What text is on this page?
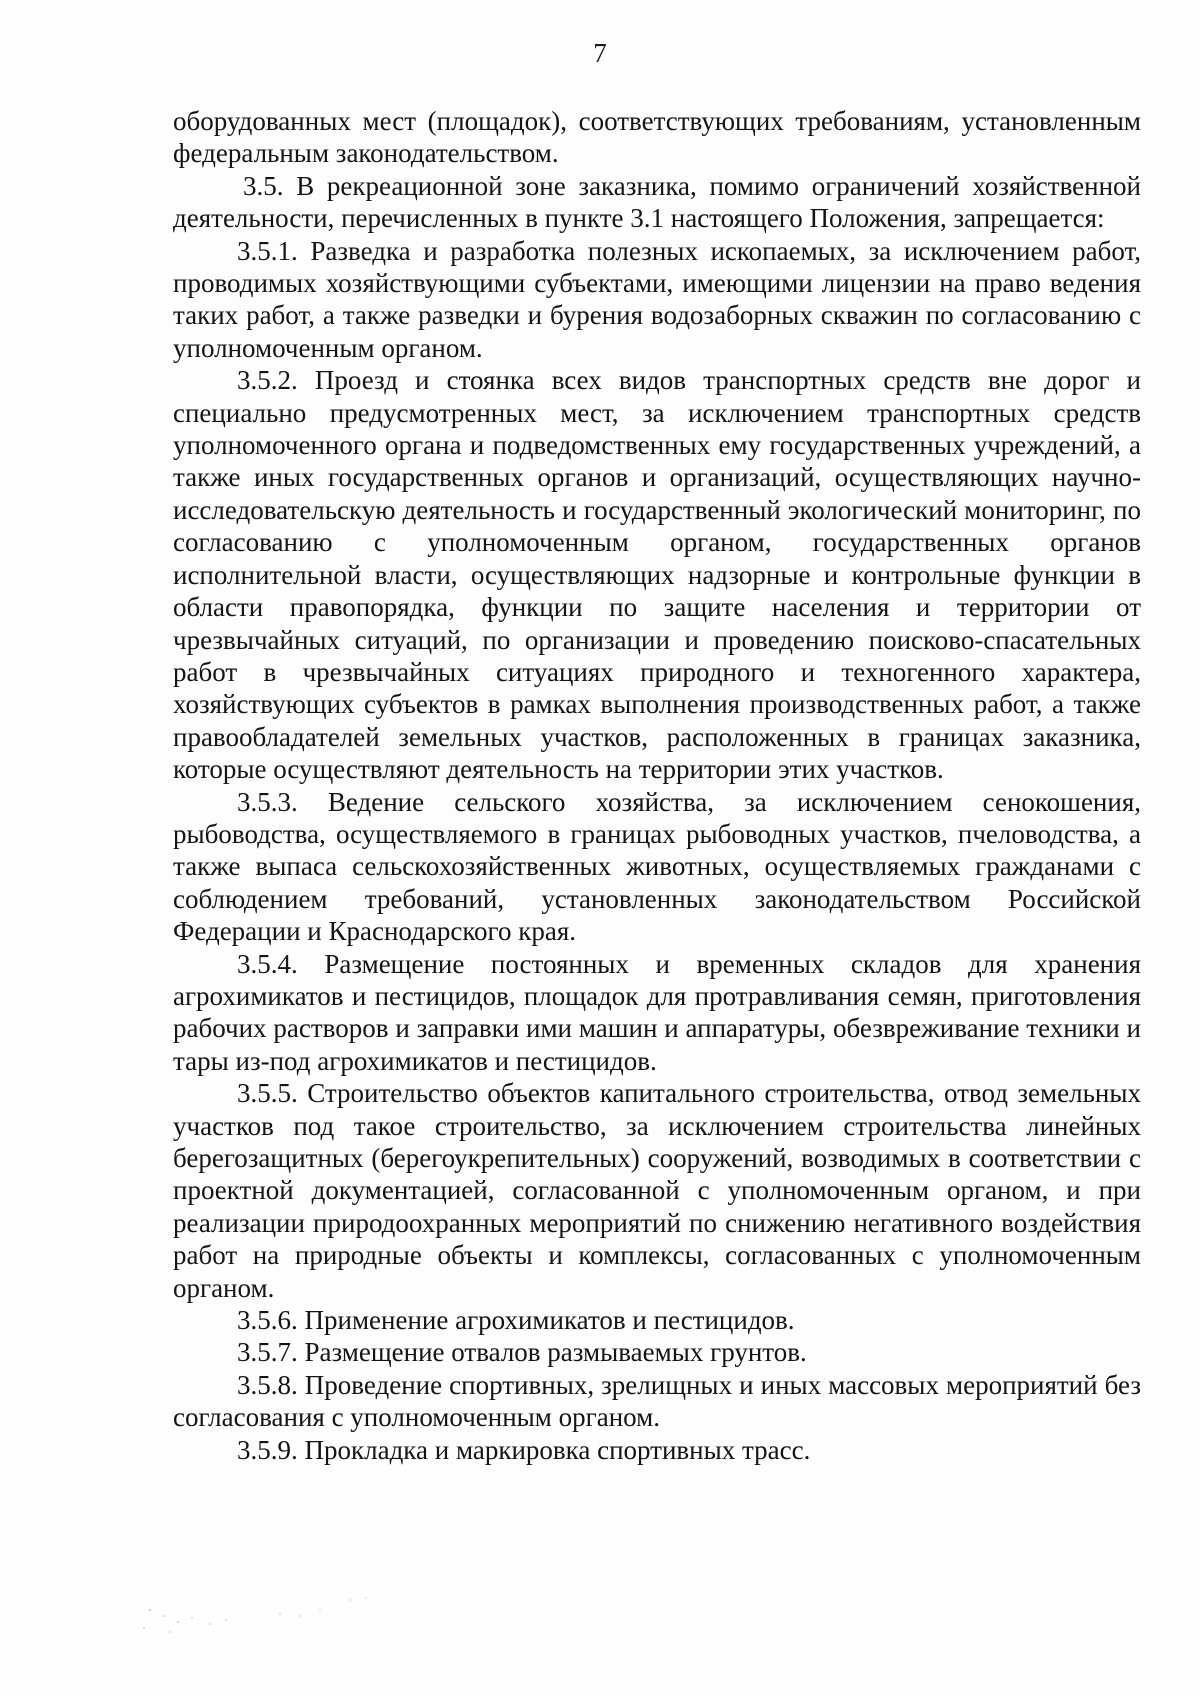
7

оборудованных мест (площадок), соответствующих требованиям, установленным федеральным законодательством.

3.5. В рекреационной зоне заказника, помимо ограничений хозяйственной деятельности, перечисленных в пункте 3.1 настоящего Положения, запрещается:

3.5.1. Разведка и разработка полезных ископаемых, за исключением работ, проводимых хозяйствующими субъектами, имеющими лицензии на право ведения таких работ, а также разведки и бурения водозаборных скважин по согласованию с уполномоченным органом.

3.5.2. Проезд и стоянка всех видов транспортных средств вне дорог и специально предусмотренных мест, за исключением транспортных средств уполномоченного органа и подведомственных ему государственных учреждений, а также иных государственных органов и организаций, осуществляющих научно-исследовательскую деятельность и государственный экологический мониторинг, по согласованию с уполномоченным органом, государственных органов исполнительной власти, осуществляющих надзорные и контрольные функции в области правопорядка, функции по защите населения и территории от чрезвычайных ситуаций, по организации и проведению поисково-спасательных работ в чрезвычайных ситуациях природного и техногенного характера, хозяйствующих субъектов в рамках выполнения производственных работ, а также правообладателей земельных участков, расположенных в границах заказника, которые осуществляют деятельность на территории этих участков.

3.5.3. Ведение сельского хозяйства, за исключением сенокошения, рыбоводства, осуществляемого в границах рыбоводных участков, пчеловодства, а также выпаса сельскохозяйственных животных, осуществляемых гражданами с соблюдением требований, установленных законодательством Российской Федерации и Краснодарского края.

3.5.4. Размещение постоянных и временных складов для хранения агрохимикатов и пестицидов, площадок для протравливания семян, приготовления рабочих растворов и заправки ими машин и аппаратуры, обезвреживание техники и тары из-под агрохимикатов и пестицидов.

3.5.5. Строительство объектов капитального строительства, отвод земельных участков под такое строительство, за исключением строительства линейных берегозащитных (берегоукрепительных) сооружений, возводимых в соответствии с проектной документацией, согласованной с уполномоченным органом, и при реализации природоохранных мероприятий по снижению негативного воздействия работ на природные объекты и комплексы, согласованных с уполномоченным органом.

3.5.6. Применение агрохимикатов и пестицидов.

3.5.7. Размещение отвалов размываемых грунтов.

3.5.8. Проведение спортивных, зрелищных и иных массовых мероприятий без согласования с уполномоченным органом.

3.5.9. Прокладка и маркировка спортивных трасс.
